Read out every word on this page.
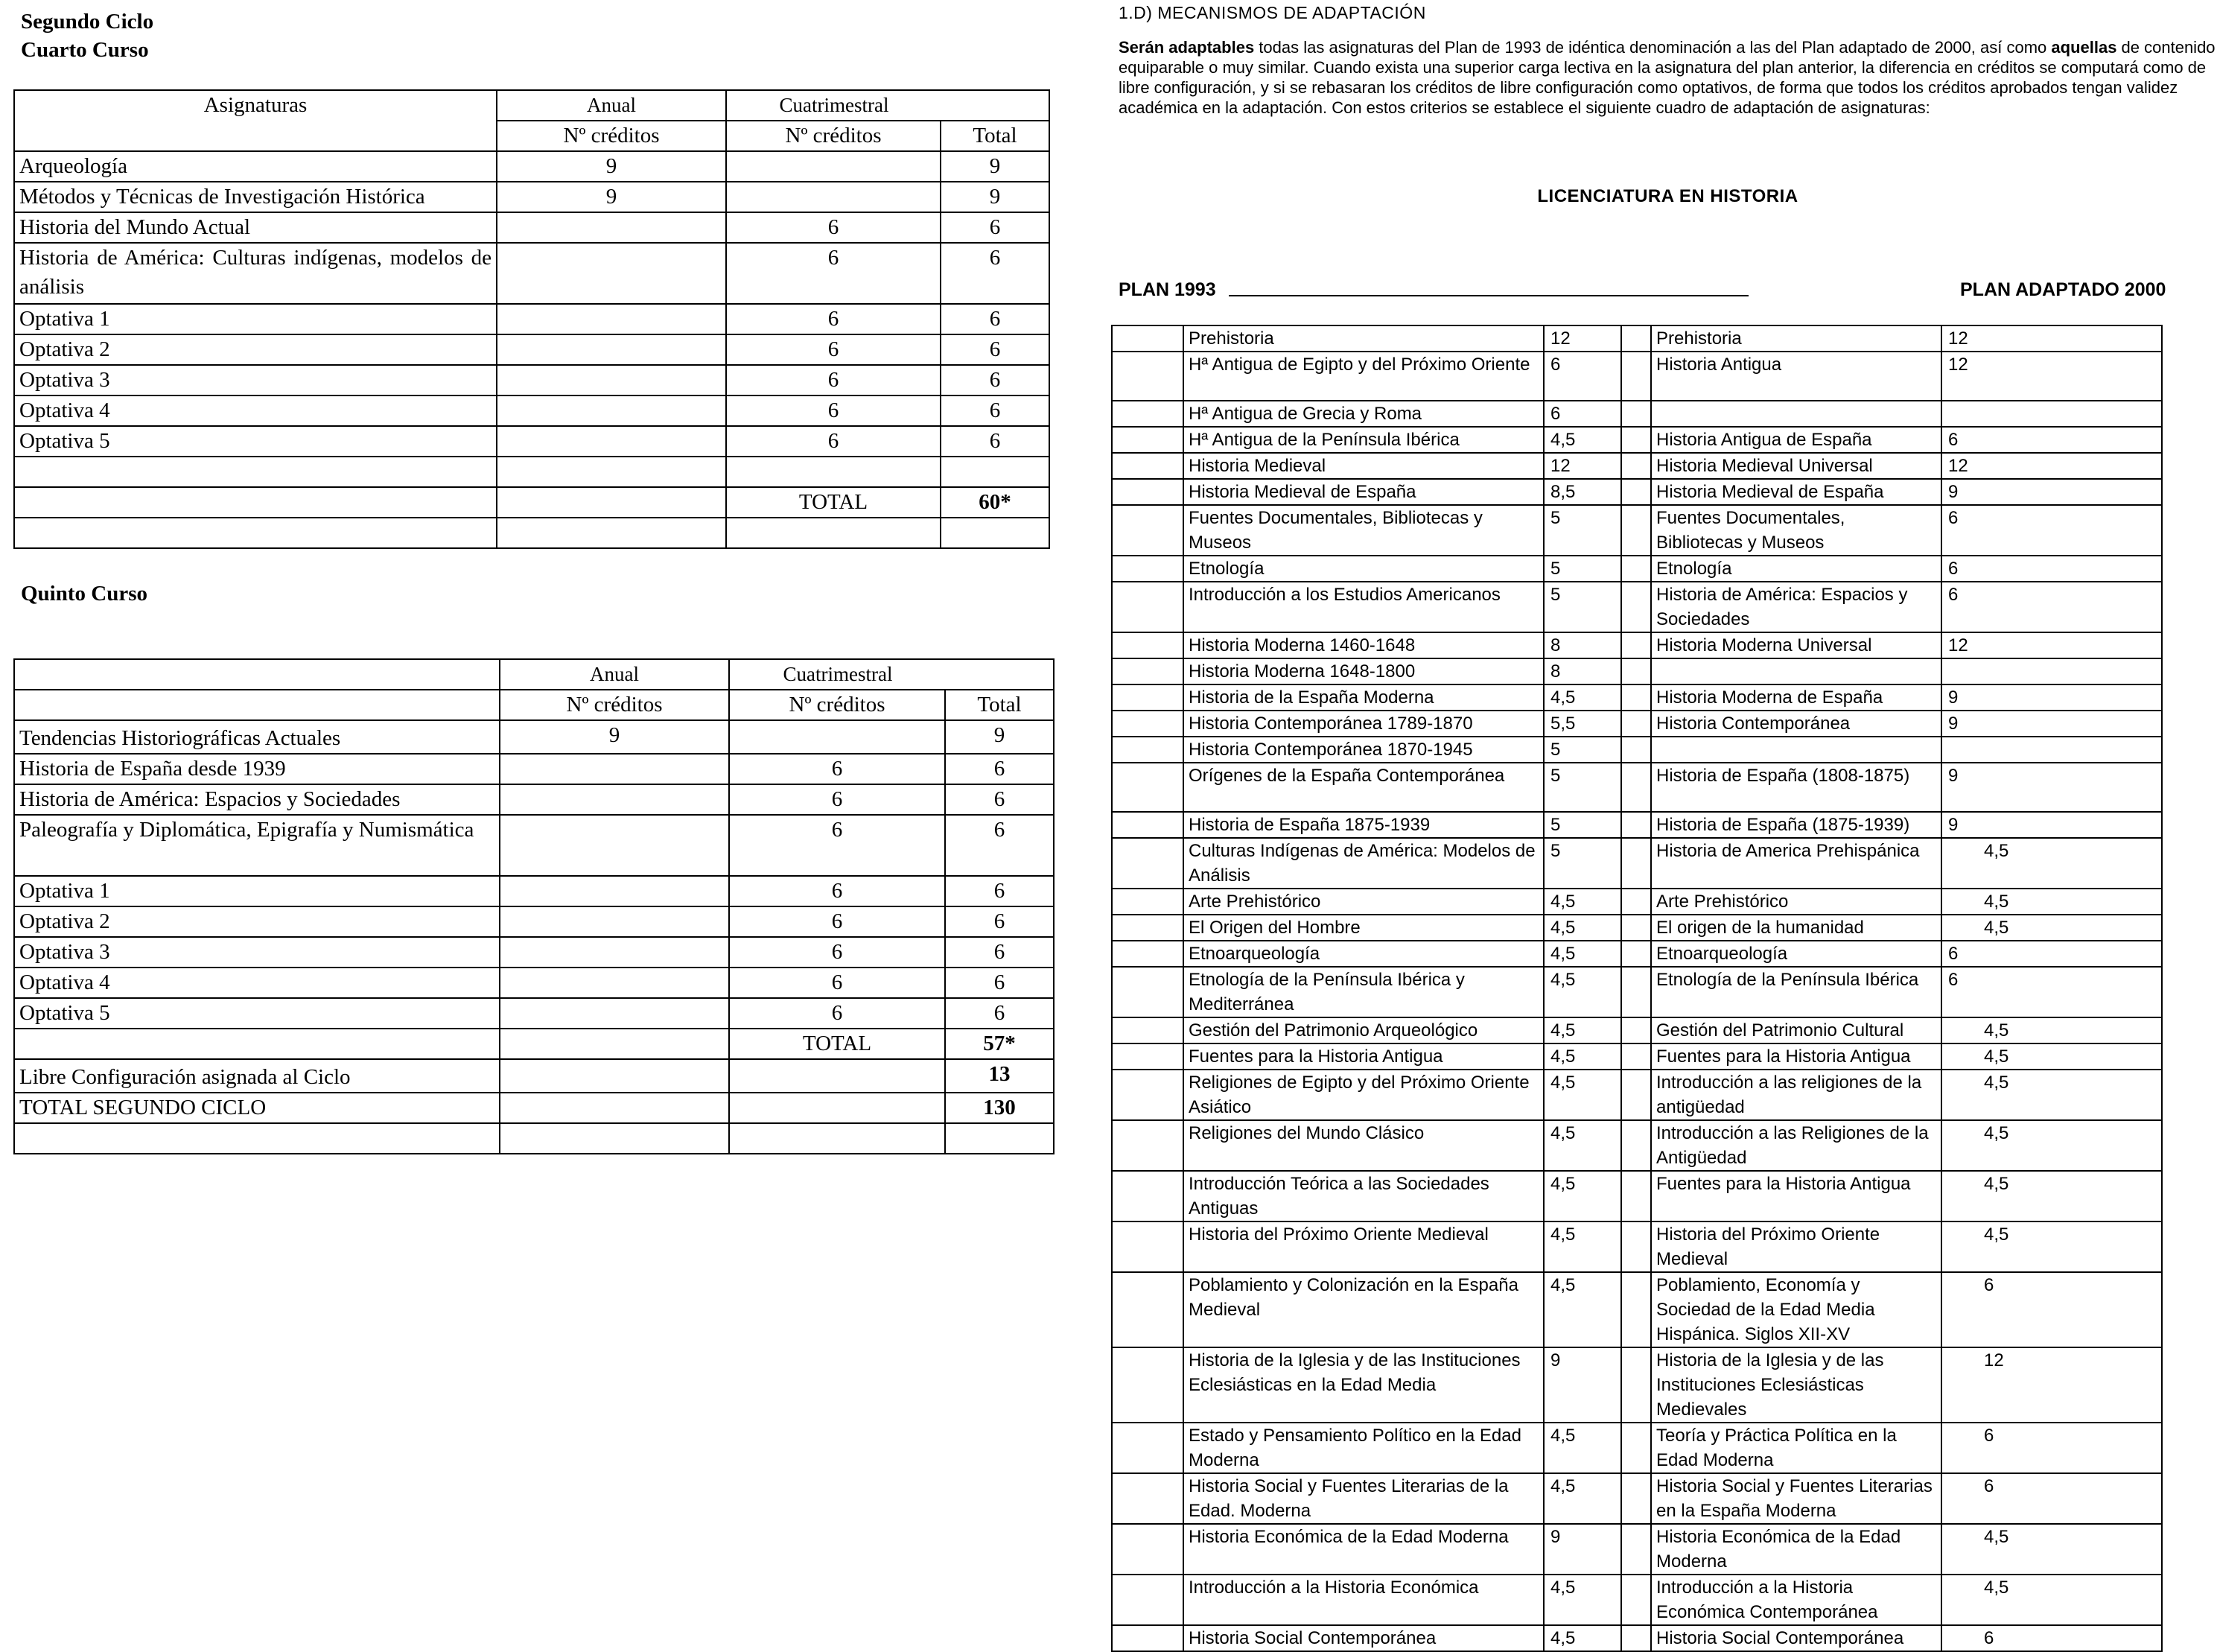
Segundo Ciclo
Cuarto Curso
Asignaturas	Anual	Cuatrimestral	
	Nº créditos	Nº créditos	Total
Arqueología	9		9
Métodos y Técnicas de Investigación Histórica	9		9
Historia del Mundo Actual		6	6
Historia de América: Culturas indígenas, modelos de análisis		6	6
Optativa 1		6	6
Optativa 2		6	6
Optativa 3		6	6
Optativa 4		6	6
Optativa 5		6	6

		TOTAL	60*

Quinto Curso
	Anual	Cuatrimestral	
	Nº créditos	Nº créditos	Total
Tendencias Historiográficas Actuales	9		9
Historia de España desde 1939		6	6
Historia de América: Espacios y Sociedades		6	6
Paleografía y Diplomática, Epigrafía y Numismática		6	6
Optativa 1		6	6
Optativa 2		6	6
Optativa 3		6	6
Optativa 4		6	6
Optativa 5		6	6
		TOTAL	57*
Libre Configuración asignada al Ciclo			13
TOTAL SEGUNDO CICLO			130

1.D) MECANISMOS DE ADAPTACIÓN
Serán adaptables todas las asignaturas del Plan de 1993 de idéntica denominación a las del Plan adaptado de 2000, así como aquellas de contenido equiparable o muy similar. Cuando exista una superior carga lectiva en la asignatura del plan anterior, la diferencia en créditos se computará como de libre configuración, y si se rebasaran los créditos de libre configuración como optativos, de forma que todos los créditos aprobados tengan validez académica en la adaptación. Con estos criterios se establece el siguiente cuadro de adaptación de asignaturas:
LICENCIATURA EN HISTORIA
PLAN 1993	PLAN ADAPTADO 2000
	Prehistoria	12		Prehistoria	12
	Hª Antigua de Egipto y del Próximo Oriente	6		Historia Antigua	12
	Hª Antigua de Grecia y Roma	6			
	Hª Antigua de la Península Ibérica	4,5		Historia Antigua de España	6
	Historia Medieval	12		Historia Medieval Universal	12
	Historia Medieval de España	8,5		Historia Medieval de España	9
	Fuentes Documentales, Bibliotecas y Museos	5		Fuentes Documentales, Bibliotecas y Museos	6
	Etnología	5		Etnología	6
	Introducción a los Estudios Americanos	5		Historia de América: Espacios y Sociedades	6
	Historia Moderna 1460-1648	8		Historia Moderna Universal	12
	Historia Moderna 1648-1800	8			
	Historia de la España Moderna	4,5		Historia Moderna de España	9
	Historia Contemporánea 1789-1870	5,5		Historia Contemporánea	9
	Historia Contemporánea 1870-1945	5			
	Orígenes de la España Contemporánea	5		Historia de España (1808-1875)	9
	Historia de España 1875-1939	5		Historia de España (1875-1939)	9
	Culturas Indígenas de América: Modelos de Análisis	5		Historia de America Prehispánica	4,5
	Arte Prehistórico	4,5		Arte Prehistórico	4,5
	El Origen del Hombre	4,5		El origen de la humanidad	4,5
	Etnoarqueología	4,5		Etnoarqueología	6
	Etnología de la Península Ibérica y Mediterránea	4,5		Etnología de la Península Ibérica	6
	Gestión del Patrimonio Arqueológico	4,5		Gestión del Patrimonio Cultural	4,5
	Fuentes para la Historia Antigua	4,5		Fuentes para la Historia Antigua	4,5
	Religiones de Egipto y del Próximo Oriente Asiático	4,5		Introducción a las religiones de la antigüedad	4,5
	Religiones del Mundo Clásico	4,5		Introducción a las Religiones de la Antigüedad	4,5
	Introducción Teórica a las Sociedades Antiguas	4,5		Fuentes para la Historia Antigua	4,5
	Historia del Próximo Oriente Medieval	4,5		Historia del Próximo Oriente Medieval	4,5
	Poblamiento y Colonización en la España Medieval	4,5		Poblamiento, Economía y Sociedad de la Edad Media Hispánica. Siglos XII-XV	6
	Historia de la Iglesia y de las Instituciones Eclesiásticas en la Edad Media	9		Historia de la Iglesia y de las Instituciones Eclesiásticas Medievales	12
	Estado y Pensamiento Político en la Edad Moderna	4,5		Teoría y Práctica Política en la Edad Moderna	6
	Historia Social y Fuentes Literarias de la Edad. Moderna	4,5		Historia Social y Fuentes Literarias en la España Moderna	6
	Historia Económica de la Edad Moderna	9		Historia Económica de la Edad Moderna	4,5
	Introducción a la Historia Económica	4,5		Introducción a la Historia Económica Contemporánea	4,5
	Historia Social Contemporánea	4,5		Historia Social Contemporánea	6
